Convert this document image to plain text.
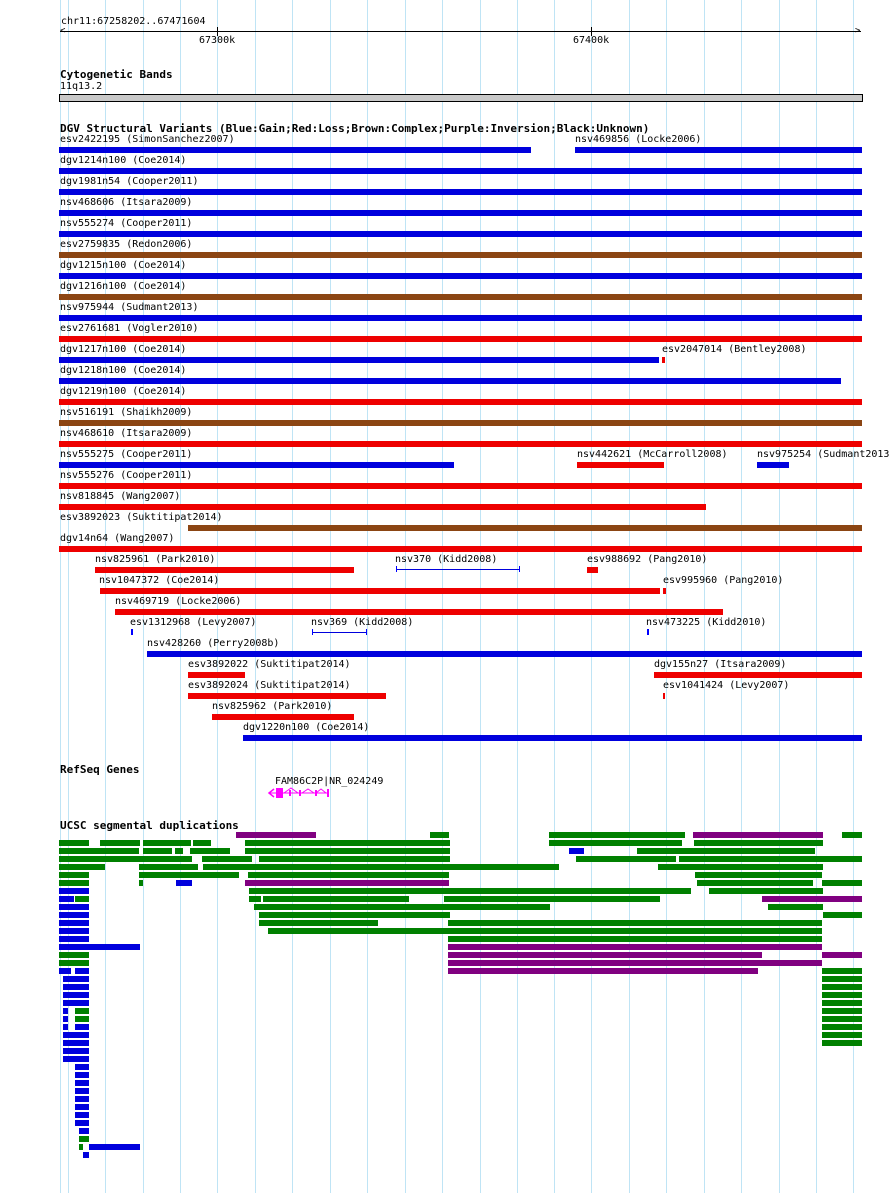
chr11:67258202..67471604
<	>
67300k	67400k
Cytogenetic Bands
11q13.2
DGV Structural Variants (Blue:Gain;Red:Loss;Brown:Complex;Purple:Inversion;Black:Unknown)
esv2422195 (SimonSanchez2007)	nsv469856 (Locke2006)
dgv1214n100 (Coe2014)
dgv1981n54 (Cooper2011)
nsv468606 (Itsara2009)
nsv555274 (Cooper2011)
esv2759835 (Redon2006)
dgv1215n100 (Coe2014)
dgv1216n100 (Coe2014)
nsv975944 (Sudmant2013)
esv2761681 (Vogler2010)
dgv1217n100 (Coe2014)	esv2047014 (Bentley2008)
dgv1218n100 (Coe2014)
dgv1219n100 (Coe2014)
nsv516191 (Shaikh2009)
nsv468610 (Itsara2009)
nsv555275 (Cooper2011)	nsv442621 (McCarroll2008)	nsv975254 (Sudmant2013
nsv555276 (Cooper2011)
nsv818845 (Wang2007)
esv3892023 (Suktitipat2014)
dgv14n64 (Wang2007)
nsv825961 (Park2010)	esv988692 (Pang2010)
nsv1047372 (Coe2014)	esv995960 (Pang2010)
nsv469719 (Locke2006)
nsv428260 (Perry2008b)
esv3892022 (Suktitipat2014)	dgv155n27 (Itsara2009)
esv3892024 (Suktitipat2014)	esv1041424 (Levy2007)
nsv825962 (Park2010)
dgv1220n100 (Coe2014)
nsv370 (Kidd2008)
nsv369 (Kidd2008)
esv1312968 (Levy2007)	nsv473225 (Kidd2010)
RefSeq Genes
FAM86C2P|NR_024249
UCSC segmental duplications
